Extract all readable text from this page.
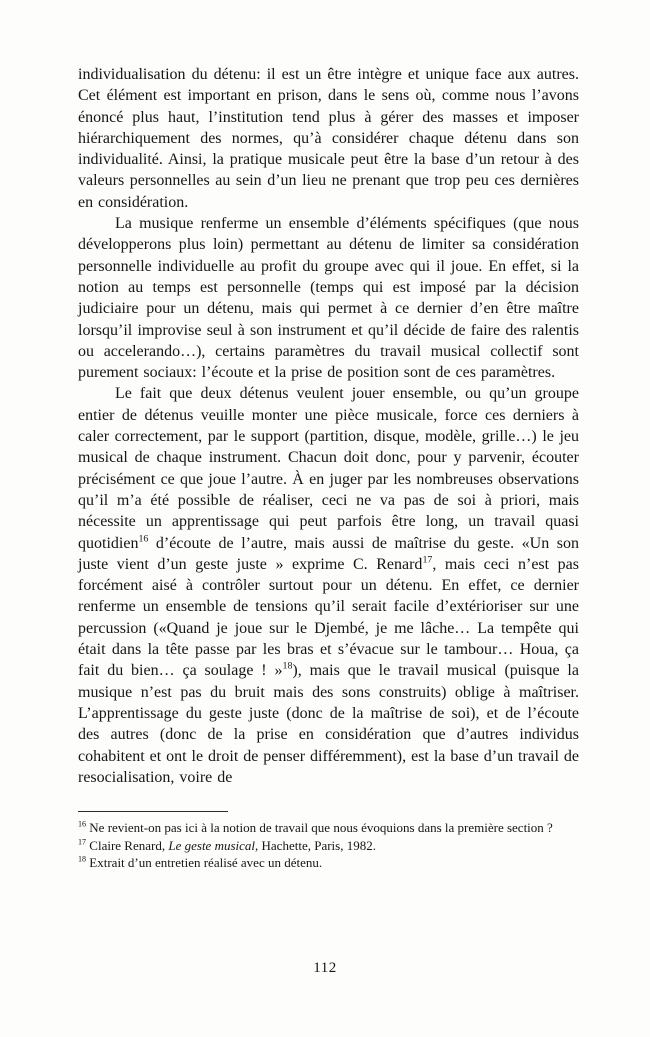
individualisation du détenu: il est un être intègre et unique face aux autres. Cet élément est important en prison, dans le sens où, comme nous l’avons énoncé plus haut, l’institution tend plus à gérer des masses et imposer hiérarchiquement des normes, qu’à considérer chaque détenu dans son individualité. Ainsi, la pratique musicale peut être la base d’un retour à des valeurs personnelles au sein d’un lieu ne prenant que trop peu ces dernières en considération.

La musique renferme un ensemble d’éléments spécifiques (que nous développerons plus loin) permettant au détenu de limiter sa considération personnelle individuelle au profit du groupe avec qui il joue. En effet, si la notion au temps est personnelle (temps qui est imposé par la décision judiciaire pour un détenu, mais qui permet à ce dernier d’en être maître lorsqu’il improvise seul à son instrument et qu’il décide de faire des ralentis ou accelerando…), certains paramètres du travail musical collectif sont purement sociaux: l’écoute et la prise de position sont de ces paramètres.

Le fait que deux détenus veulent jouer ensemble, ou qu’un groupe entier de détenus veuille monter une pièce musicale, force ces derniers à caler correctement, par le support (partition, disque, modèle, grille…) le jeu musical de chaque instrument. Chacun doit donc, pour y parvenir, écouter précisément ce que joue l’autre. À en juger par les nombreuses observations qu’il m’a été possible de réaliser, ceci ne va pas de soi à priori, mais nécessite un apprentissage qui peut parfois être long, un travail quasi quotidien$^{16}$ d’écoute de l’autre, mais aussi de maîtrise du geste. «Un son juste vient d’un geste juste » exprime C. Renard$^{17}$, mais ceci n’est pas forcément aisé à contrôler surtout pour un détenu. En effet, ce dernier renferme un ensemble de tensions qu’il serait facile d’extérioriser sur une percussion («Quand je joue sur le Djembé, je me lâche… La tempête qui était dans la tête passe par les bras et s’évacue sur le tambour… Houa, ça fait du bien… ça soulage ! »$^{18}$), mais que le travail musical (puisque la musique n’est pas du bruit mais des sons construits) oblige à maîtriser. L’apprentissage du geste juste (donc de la maîtrise de soi), et de l’écoute des autres (donc de la prise en considération que d’autres individus cohabitent et ont le droit de penser différemment), est la base d’un travail de resocialisation, voire de

$^{16}$ Ne revient-on pas ici à la notion de travail que nous évoquions dans la première section ?

$^{17}$ Claire Renard, Le geste musical, Hachette, Paris, 1982.

$^{18}$ Extrait d’un entretien réalisé avec un détenu.

112
